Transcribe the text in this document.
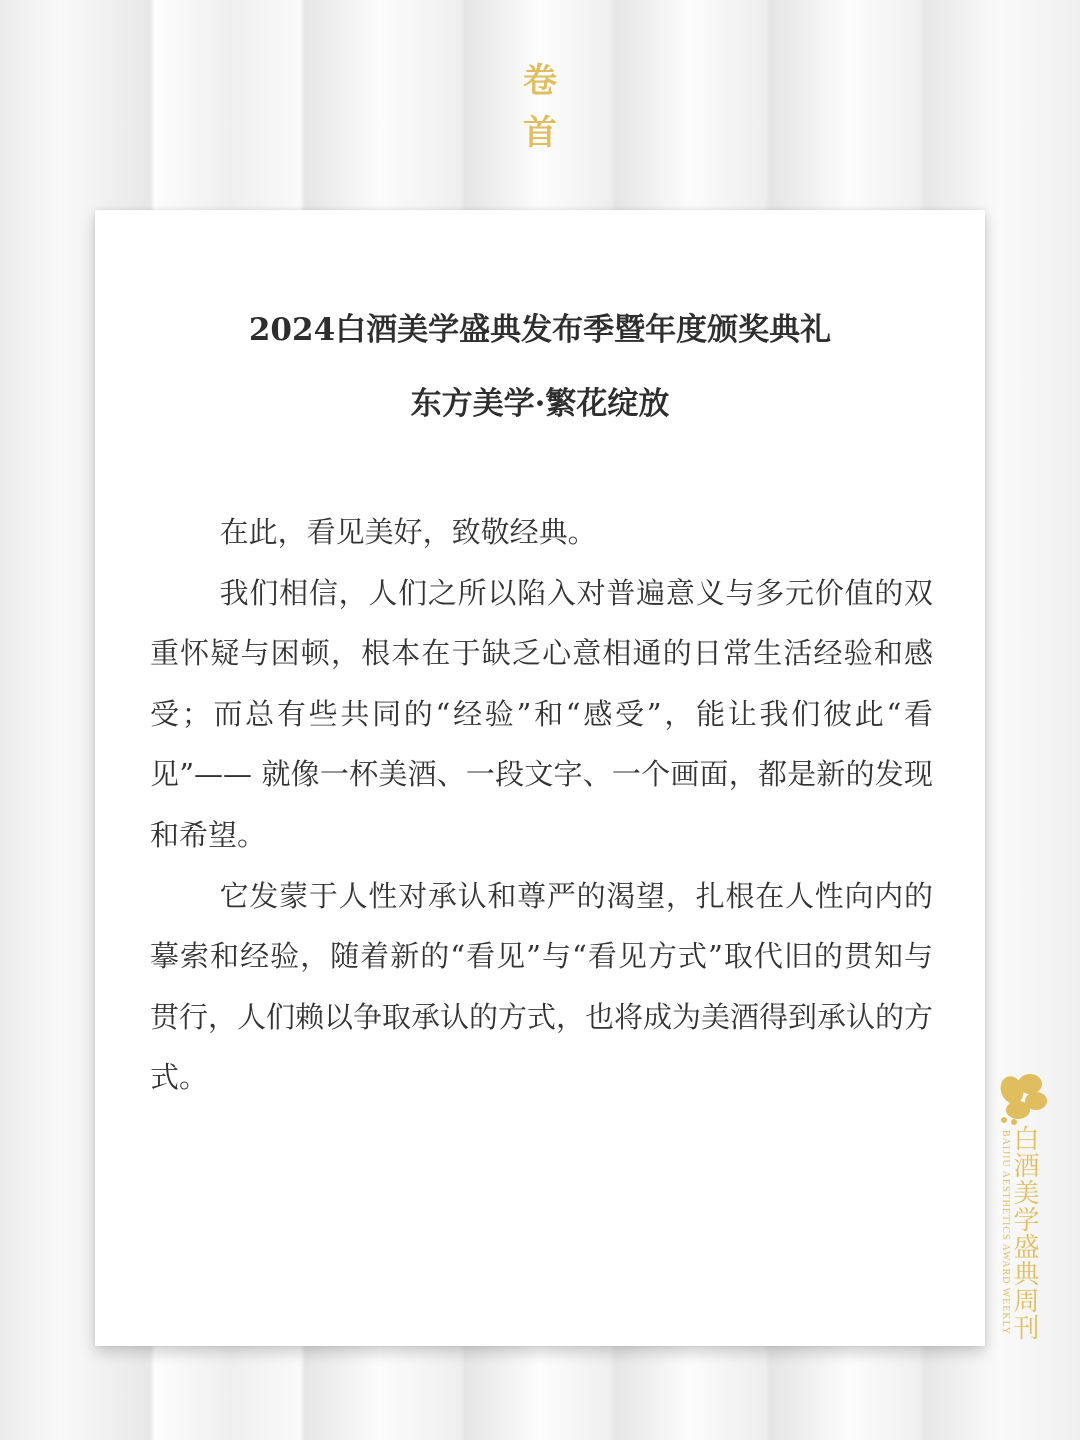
卷
首
2024白酒美学盛典发布季暨年度颁奖典礼
东方美学·繁花绽放

在此，看见美好，致敬经典。

我们相信，人们之所以陷入对普遍意义与多元价值的双重怀疑与困顿，根本在于缺乏心意相通的日常生活经验和感受；而总有些共同的“经验”和“感受”，能让我们彼此“看见”—— 就像一杯美酒、一段文字、一个画面，都是新的发现和希望。

它发蒙于人性对承认和尊严的渴望，扎根在人性向内的摹索和经验，随着新的“看见”与“看见方式”取代旧的贯知与贯行，人们赖以争取承认的方式，也将成为美酒得到承认的方式。

白酒美学盛典周刊
BAIJIU AESTHETICS AWARD WEEKLY
